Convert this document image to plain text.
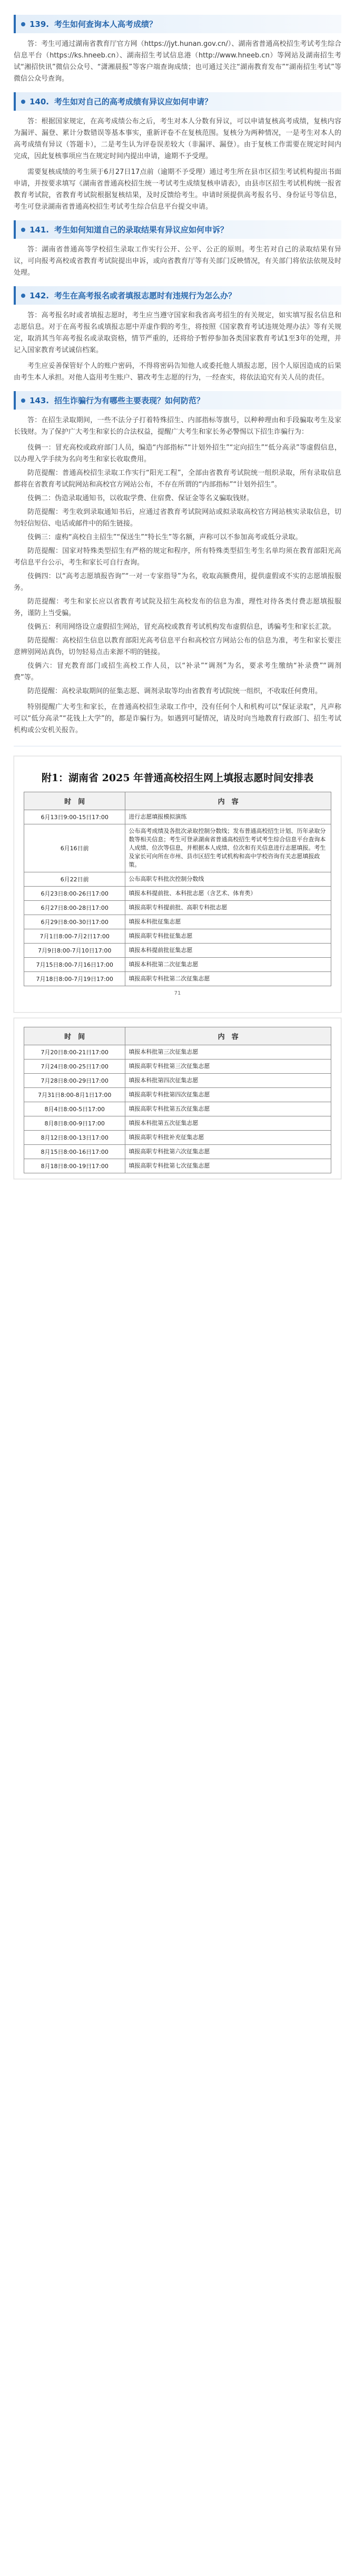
139. 考生如何查询本人高考成绩？

答：考生可通过湖南省教育厅官方网（https://jyt.hunan.gov.cn/）、湖南省普通高校招生考试考生综合信息平台（https://ks.hneeb.cn）、湖南招生考试信息港（http://www.hneeb.cn）等网站及湖南招生考试“湘招快讯”微信公众号、“潇湘晨报”等客户端查询成绩；也可通过关注“湖南教育发布”“湖南招生考试”等微信公众号查询。

140. 考生如对自己的高考成绩有异议应如何申请？

答：根据国家规定，在高考成绩公布之后，考生对本人分数有异议，可以申请复核高考成绩，复核内容为漏评、漏登、累计分数错误等基本事实，重新评卷不在复核范围。复核分为两种情况，一是考生对本人的高考成绩有异议（答题卡），二是考生认为评卷误差较大（非漏评、漏登）。由于复核工作需要在规定时间内完成，因此复核事项应当在规定时间内提出申请，逾期不予受理。

需要复核成绩的考生须于6月27日17点前（逾期不予受理）通过考生所在县市区招生考试机构提出书面申请，并按要求填写《湖南省普通高校招生统一考试考生成绩复核申请表》，由县市区招生考试机构统一报省教育考试院，省教育考试院根据复核结果，及时反馈给考生。申请时须提供高考报名号、身份证号等信息，考生可登录湖南省普通高校招生考试考生综合信息平台提交申请。

141. 考生如何知道自己的录取结果有异议应如何申诉？

答：湖南省普通高等学校招生录取工作实行公开、公平、公正的原则。考生若对自己的录取结果有异议，可向报考高校或省教育考试院提出申诉，或向省教育厅等有关部门反映情况，有关部门将依法依规及时处理。

142. 考生在高考报名或者填报志愿时有违规行为怎么办？

答：高考报名时或者填报志愿时，考生应当遵守国家和我省高考招生的有关规定，如实填写报名信息和志愿信息。对于在高考报名或填报志愿中弄虚作假的考生，将按照《国家教育考试违规处理办法》等有关规定，取消其当年高考报名或录取资格，情节严重的，还将给予暂停参加各类国家教育考试1至3年的处理，并记入国家教育考试诚信档案。

考生应妥善保管好个人的账户密码，不得将密码告知他人或委托他人填报志愿，因个人原因造成的后果由考生本人承担。对他人盗用考生账户、篡改考生志愿的行为，一经查实，将依法追究有关人员的责任。

143. 招生诈骗行为有哪些主要表现？如何防范？

答：在招生录取期间，一些不法分子打着特殊招生、内部指标等旗号，以种种理由和手段骗取考生及家长钱财。为了保护广大考生和家长的合法权益，提醒广大考生和家长务必警惕以下招生诈骗行为：

伎俩一：冒充高校或政府部门人员，编造“内部指标”“计划外招生”“定向招生”“低分高录”等虚假信息，以办理入学手续为名向考生和家长收取费用。

防范提醒：普通高校招生录取工作实行“阳光工程”，全部由省教育考试院统一组织录取，所有录取信息都将在省教育考试院网站和高校官方网站公布，不存在所谓的“内部指标”“计划外招生”。

伎俩二：伪造录取通知书，以收取学费、住宿费、保证金等名义骗取钱财。

防范提醒：考生收到录取通知书后，应通过省教育考试院网站或拟录取高校官方网站核实录取信息，切勿轻信短信、电话或邮件中的陌生链接。

伎俩三：虚构“高校自主招生”“保送生”“特长生”等名额，声称可以不参加高考或低分录取。

防范提醒：国家对特殊类型招生有严格的规定和程序，所有特殊类型招生考生名单均须在教育部阳光高考信息平台公示，考生和家长可自行查询。

伎俩四：以“高考志愿填报咨询”“一对一专家指导”为名，收取高额费用，提供虚假或不实的志愿填报服务。

防范提醒：考生和家长应以省教育考试院及招生高校发布的信息为准，理性对待各类付费志愿填报服务，谨防上当受骗。

伎俩五：利用网络设立虚假招生网站，冒充高校或教育考试机构发布虚假信息，诱骗考生和家长汇款。

防范提醒：高校招生信息以教育部阳光高考信息平台和高校官方网站公布的信息为准，考生和家长要注意辨别网站真伪，切勿轻易点击来源不明的链接。

伎俩六：冒充教育部门或招生高校工作人员，以“补录”“调剂”为名，要求考生缴纳“补录费”“调剂费”等。

防范提醒：高校录取期间的征集志愿、调剂录取等均由省教育考试院统一组织，不收取任何费用。

特别提醒广大考生和家长，在普通高校招生录取工作中，没有任何个人和机构可以“保证录取”，凡声称可以“低分高录”“花钱上大学”的，都是诈骗行为。如遇到可疑情况，请及时向当地教育行政部门、招生考试机构或公安机关报告。

附1：湖南省 2025 年普通高校招生网上填报志愿时间安排表
时　间	内　容
6月13日9:00-15日17:00	进行志愿填报模拟演练
6月16日前	公布高考成绩及各批次录取控制分数线；发布普通高校招生计划、历年录取分数等相关信息；考生可登录湖南省普通高校招生考试考生综合信息平台查询本人成绩、位次等信息，并根据本人成绩、位次和有关信息进行志愿填报。考生及家长可向所在市州、县市区招生考试机构和高中学校咨询有关志愿填报政策。
6月22日前	公布高职专科批次控制分数线
6月23日8:00-26日17:00	填报本科提前批、本科批志愿（含艺术、体育类）
6月27日8:00-28日17:00	填报高职专科提前批、高职专科批志愿
6月29日8:00-30日17:00	填报本科批征集志愿
7月1日8:00-7月2日17:00	填报高职专科批征集志愿
7月9日8:00-7月10日17:00	填报本科提前批征集志愿
7月15日8:00-7月16日17:00	填报本科批第二次征集志愿
7月18日8:00-7月19日17:00	填报高职专科批第二次征集志愿
71
时　间	内　容
7月20日8:00-21日17:00	填报本科批第三次征集志愿
7月24日8:00-25日17:00	填报高职专科批第三次征集志愿
7月28日8:00-29日17:00	填报本科批第四次征集志愿
7月31日8:00-8月1日17:00	填报高职专科批第四次征集志愿
8月4日8:00-5日17:00	填报高职专科批第五次征集志愿
8月8日8:00-9日17:00	填报本科批第五次征集志愿
8月12日8:00-13日17:00	填报高职专科批补充征集志愿
8月15日8:00-16日17:00	填报高职专科批第六次征集志愿
8月18日8:00-19日17:00	填报高职专科批第七次征集志愿
